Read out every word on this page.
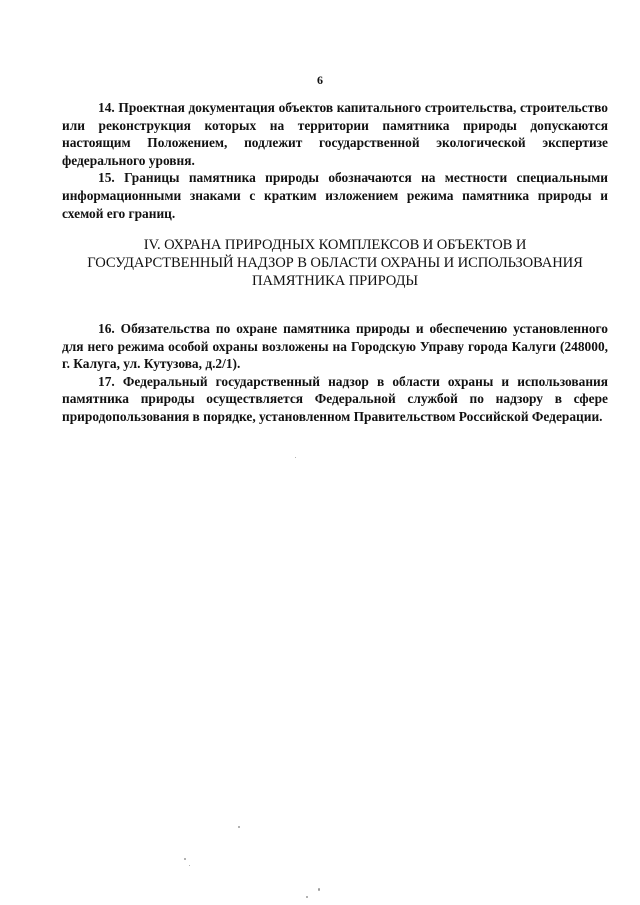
6

14. Проектная документация объектов капитального строительства, строительство или реконструкция которых на территории памятника природы допускаются настоящим Положением, подлежит государственной экологической экспертизе федерального уровня.

15. Границы памятника природы обозначаются на местности специальными информационными знаками с кратким изложением режима памятника природы и схемой его границ.

IV. ОХРАНА ПРИРОДНЫХ КОМПЛЕКСОВ И ОБЪЕКТОВ И
ГОСУДАРСТВЕННЫЙ НАДЗОР В ОБЛАСТИ ОХРАНЫ И ИСПОЛЬЗОВАНИЯ
ПАМЯТНИКА ПРИРОДЫ

16. Обязательства по охране памятника природы и обеспечению установленного для него режима особой охраны возложены на Городскую Управу города Калуги (248000, г. Калуга, ул. Кутузова, д.2/1).

17. Федеральный государственный надзор в области охраны и использования памятника природы осуществляется Федеральной службой по надзору в сфере природопользования в порядке, установленном Правительством Российской Федерации.
